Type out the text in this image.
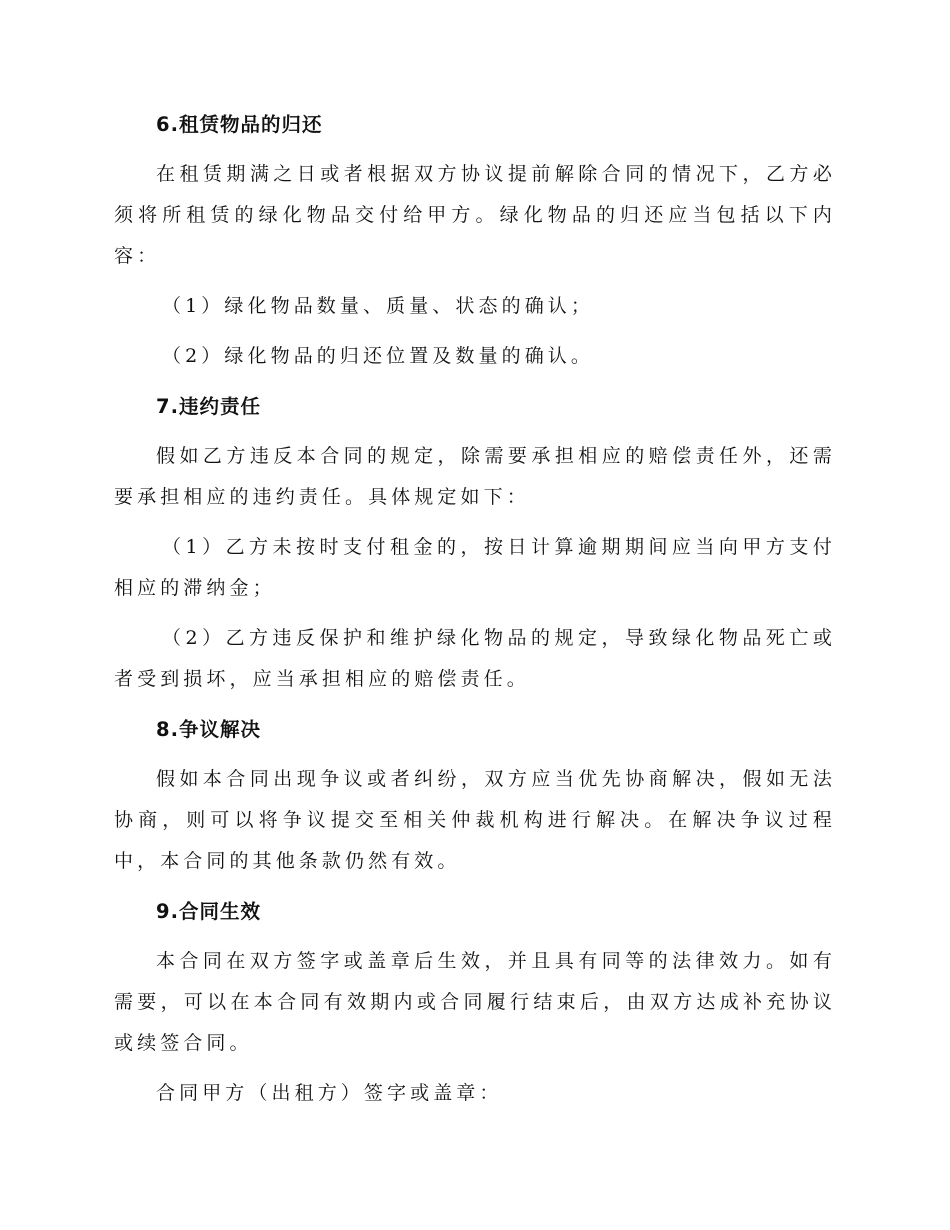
6.租赁物品的归还

在租赁期满之日或者根据双方协议提前解除合同的情况下，乙方必须将所租赁的绿化物品交付给甲方。绿化物品的归还应当包括以下内容：

（1）绿化物品数量、质量、状态的确认；

（2）绿化物品的归还位置及数量的确认。

7.违约责任

假如乙方违反本合同的规定，除需要承担相应的赔偿责任外，还需要承担相应的违约责任。具体规定如下：

（1）乙方未按时支付租金的，按日计算逾期期间应当向甲方支付相应的滞纳金；

（2）乙方违反保护和维护绿化物品的规定，导致绿化物品死亡或者受到损坏，应当承担相应的赔偿责任。

8.争议解决

假如本合同出现争议或者纠纷，双方应当优先协商解决，假如无法协商，则可以将争议提交至相关仲裁机构进行解决。在解决争议过程中，本合同的其他条款仍然有效。

9.合同生效

本合同在双方签字或盖章后生效，并且具有同等的法律效力。如有需要，可以在本合同有效期内或合同履行结束后，由双方达成补充协议或续签合同。

合同甲方（出租方）签字或盖章：
